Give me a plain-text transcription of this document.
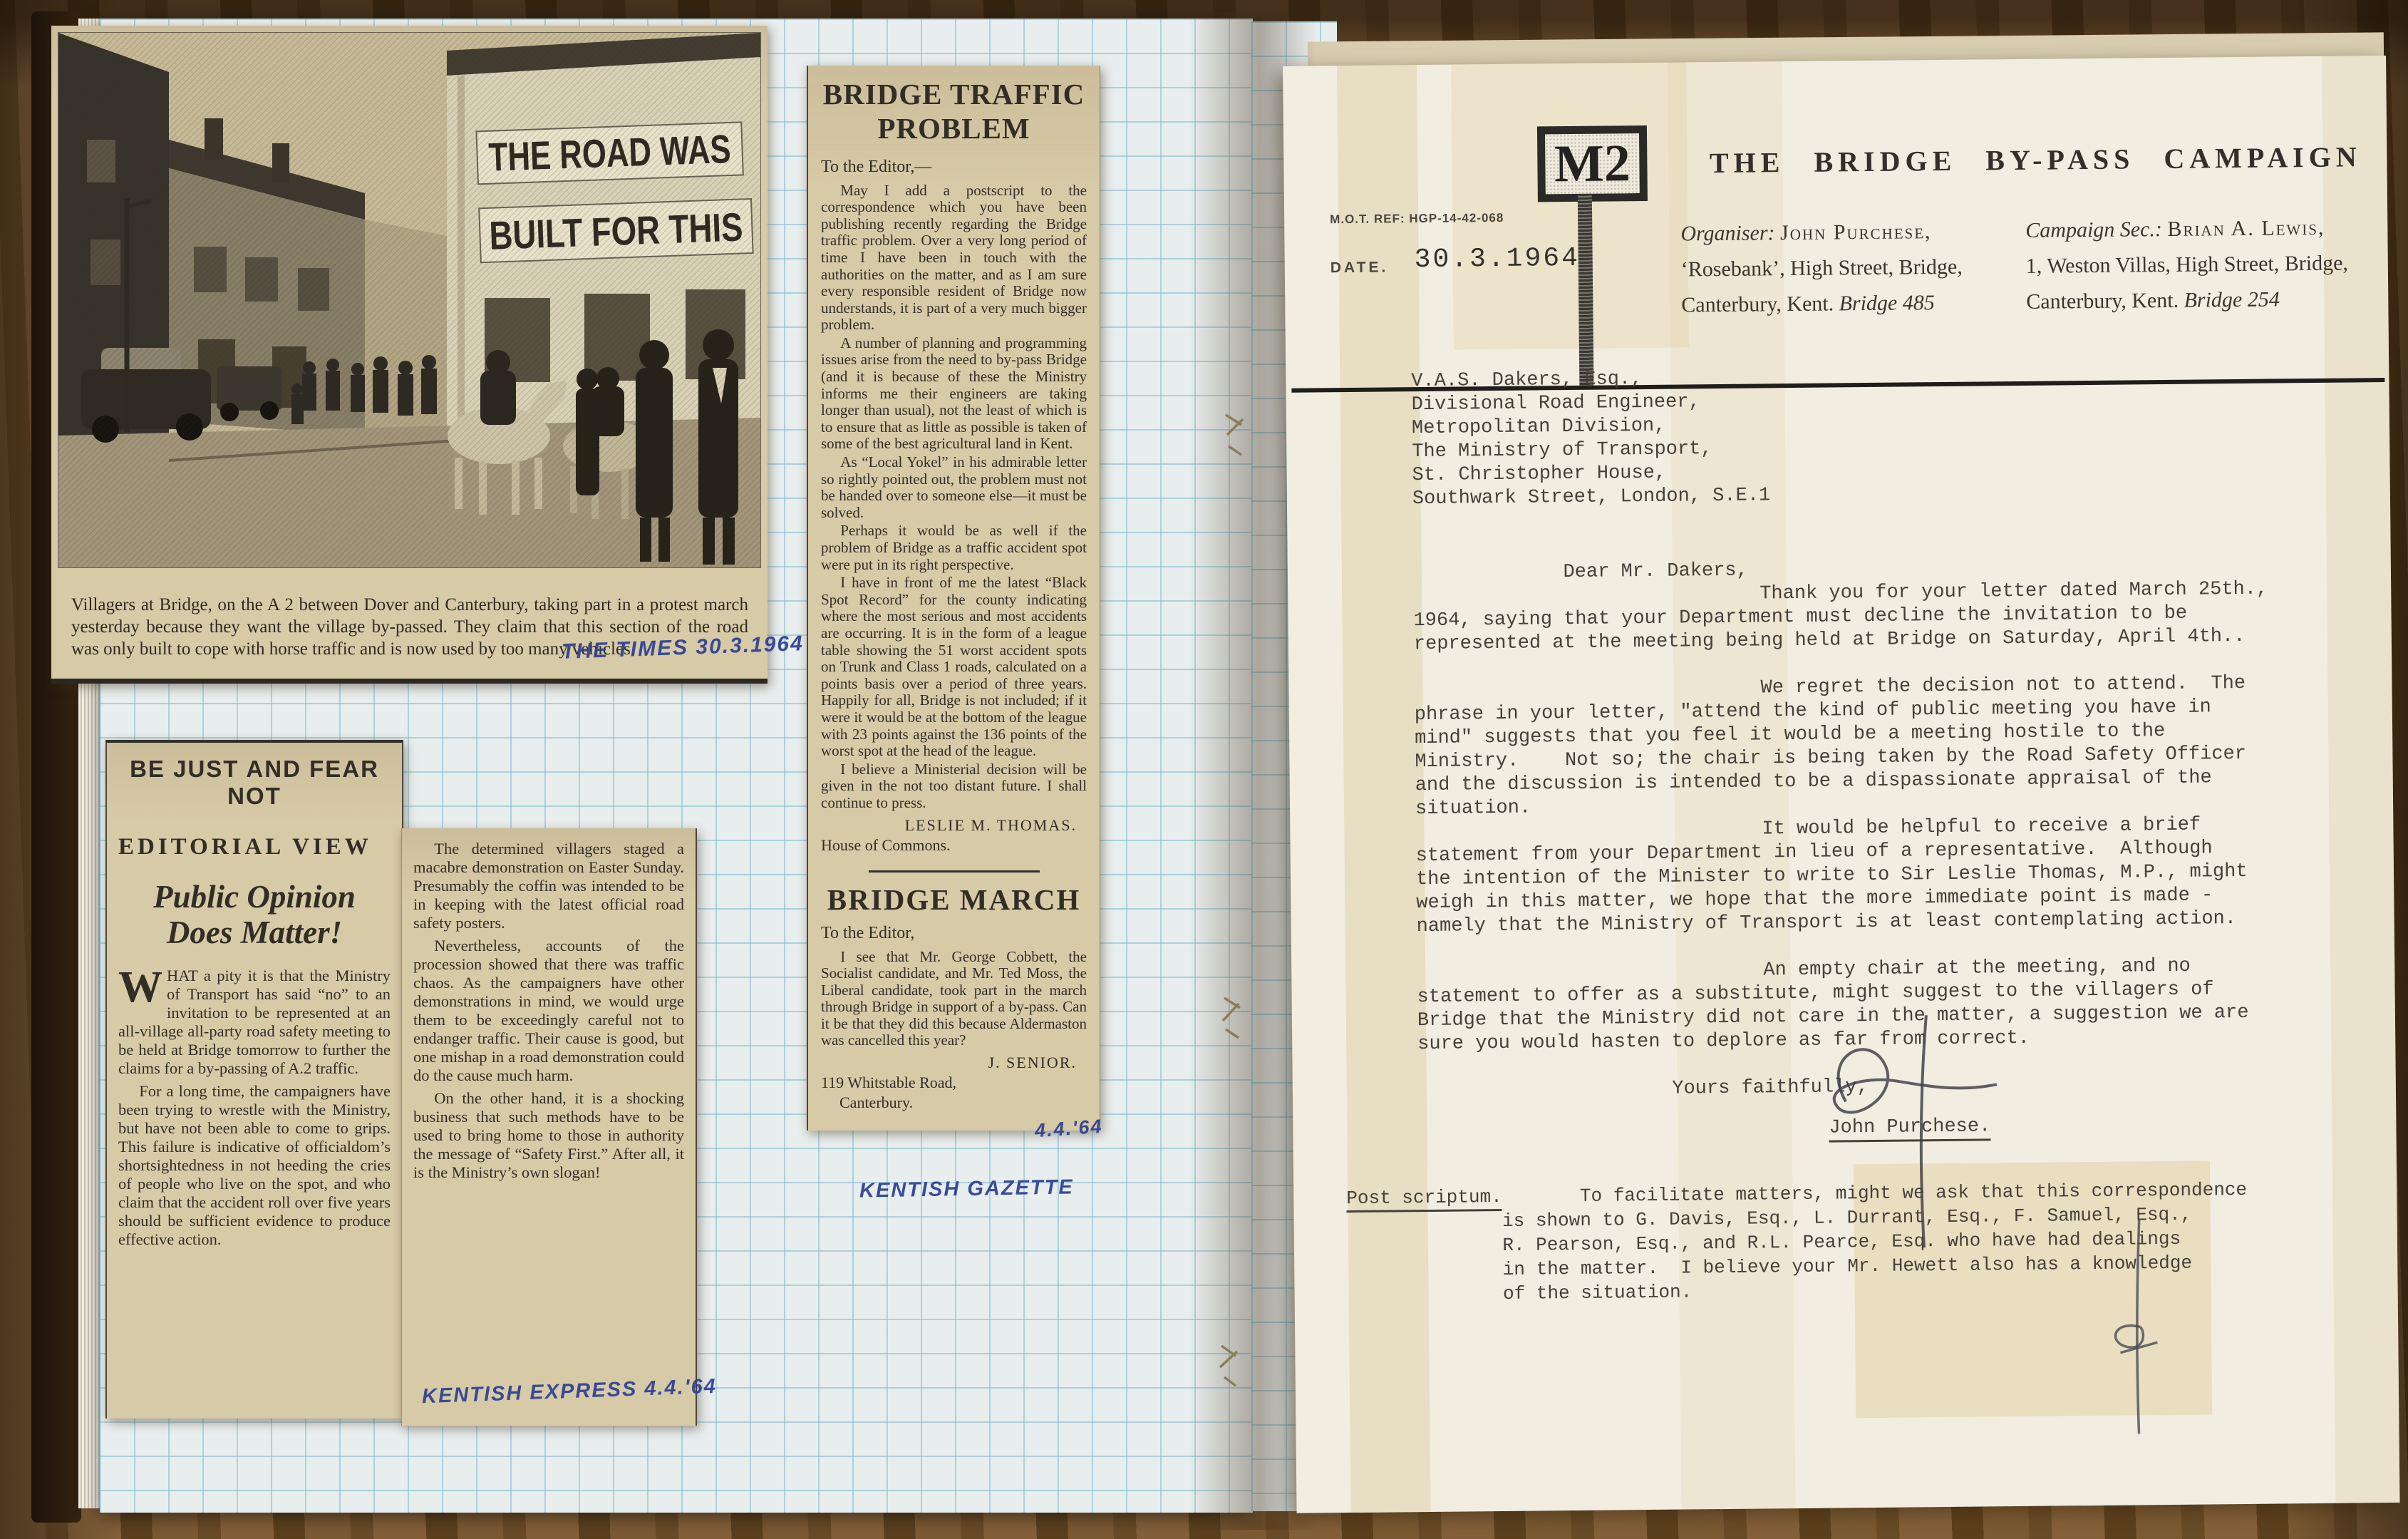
Villagers at Bridge, on the A 2 between Dover and Canterbury, taking part in a protest march yesterday because they want the village by-passed. They claim that this section of the road was only built to cope with horse traffic and is now used by too many vehicles.

THE TIMES 30.3.1964
BE JUST AND FEAR NOT
EDITORIAL VIEW
Public Opinion Does Matter!
WHAT a pity it is that the Ministry of Transport has said “no” to an invitation to be represented at an all-village all-party road safety meeting to be held at Bridge tomorrow to further the claims for a by-passing of A.2 traffic.
For a long time, the campaigners have been trying to wrestle with the Ministry, but have not been able to come to grips. This failure is indicative of officialdom’s shortsightedness in not heeding the cries of people who live on the spot, and who claim that the accident roll over five years should be sufficient evidence to produce effective action.
The determined villagers staged a macabre demonstration on Easter Sunday. Presumably the coffin was intended to be in keeping with the latest official road safety posters.
Nevertheless, accounts of the procession showed that there was traffic chaos. As the campaigners have other demonstrations in mind, we would urge them to be exceedingly careful not to endanger traffic. Their cause is good, but one mishap in a road demonstration could do the cause much harm.
On the other hand, it is a shocking business that such methods have to be used to bring home to those in authority the message of “Safety First.” After all, it is the Ministry’s own slogan!
KENTISH EXPRESS 4.4.'64
BRIDGE TRAFFIC
PROBLEM
To the Editor,—
May I add a postscript to the correspondence which you have been publishing recently regarding the Bridge traffic problem. Over a very long period of time I have been in touch with the authorities on the matter, and as I am sure every responsible resident of Bridge now understands, it is part of a very much bigger problem.
A number of planning and programming issues arise from the need to by-pass Bridge (and it is because of these the Ministry informs me their engineers are taking longer than usual), not the least of which is to ensure that as little as possible is taken of some of the best agricultural land in Kent.
As “Local Yokel” in his admirable letter so rightly pointed out, the problem must not be handed over to someone else—it must be solved.
Perhaps it would be as well if the problem of Bridge as a traffic accident spot were put in its right perspective.
I have in front of me the latest “Black Spot Record” for the county indicating where the most serious and most accidents are occurring. It is in the form of a league table showing the 51 worst accident spots on Trunk and Class 1 roads, calculated on a points basis over a period of three years. Happily for all, Bridge is not included; if it were it would be at the bottom of the league with 23 points against the 136 points of the worst spot at the head of the league.
I believe a Ministerial decision will be given in the not too distant future. I shall continue to press.
LESLIE M. THOMAS.
House of Commons.
BRIDGE MARCH
To the Editor,
I see that Mr. George Cobbett, the Socialist candidate, and Mr. Ted Moss, the Liberal candidate, took part in the march through Bridge in support of a by-pass. Can it be that they did this because Aldermaston was cancelled this year?
J. SENIOR.
119 Whitstable Road,
Canterbury.
4.4.'64
KENTISH GAZETTE
M2	THE BRIDGE BY-PASS CAMPAIGN
M.O.T. REF: HGP-14-42-068
DATE. 30.3.1964
Organiser: John Purchese,
‘Rosebank’, High Street, Bridge,
Canterbury, Kent. Bridge 485
Campaign Sec.: Brian A. Lewis,
1, Weston Villas, High Street, Bridge,
Canterbury, Kent. Bridge 254
V.A.S. Dakers, Esq.,
Divisional Road Engineer,
Metropolitan Division,
The Ministry of Transport,
St. Christopher House,
Southwark Street, London, S.E.1
Dear Mr. Dakers,
Thank you for your letter dated March 25th.,
1964, saying that your Department must decline the invitation to be
represented at the meeting being held at Bridge on Saturday, April 4th..
We regret the decision not to attend.  The
phrase in your letter, "attend the kind of public meeting you have in
mind" suggests that you feel it would be a meeting hostile to the
Ministry.    Not so; the chair is being taken by the Road Safety Officer
and the discussion is intended to be a dispassionate appraisal of the
situation.
It would be helpful to receive a brief
statement from your Department in lieu of a representative.  Although
the intention of the Minister to write to Sir Leslie Thomas, M.P., might
weigh in this matter, we hope that the more immediate point is made -
namely that the Ministry of Transport is at least contemplating action.
An empty chair at the meeting, and no
statement to offer as a substitute, might suggest to the villagers of
Bridge that the Ministry did not care in the matter, a suggestion we are
sure you would hasten to deplore as far from correct.
Yours faithfully,
John Purchese.
Post scriptum.       To facilitate matters, might we ask that this correspondence
is shown to G. Davis, Esq., L. Durrant, Esq., F. Samuel, Esq.,
R. Pearson, Esq., and R.L. Pearce, Esq. who have had dealings
in the matter.  I believe your Mr. Hewett also has a knowledge
of the situation.
